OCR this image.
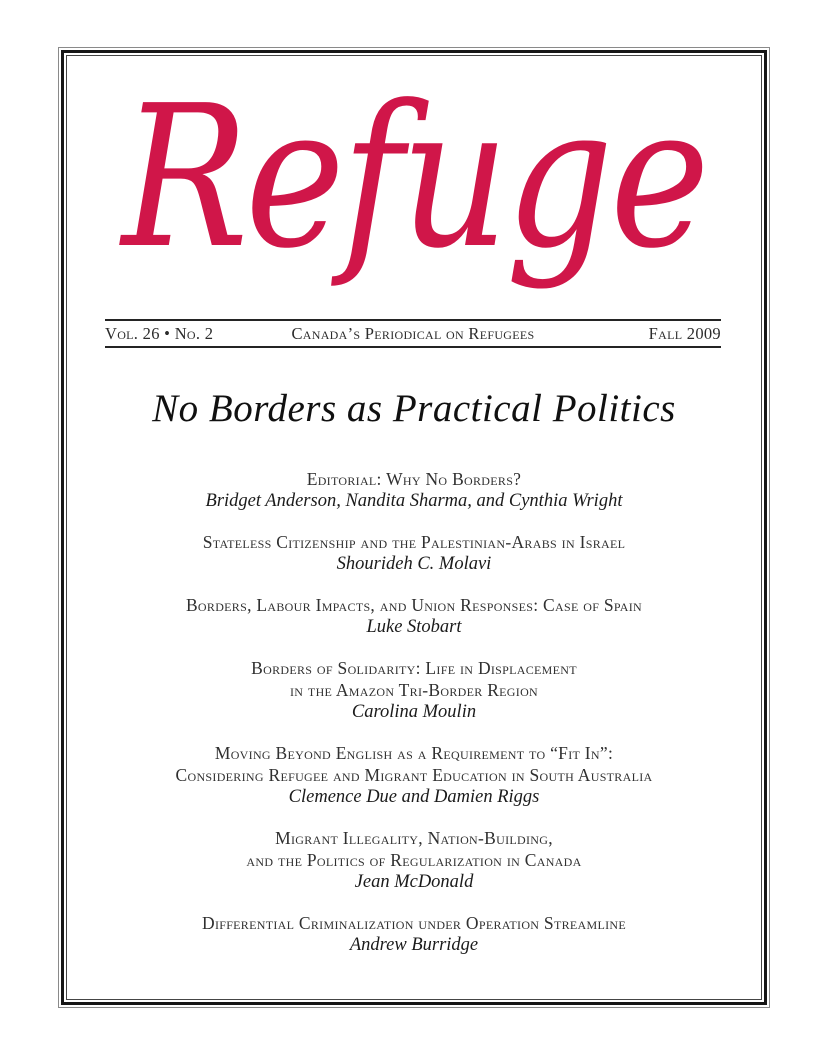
Refuge
Vol. 26 • No. 2	Canada’s Periodical on Refugees	Fall 2009
No Borders as Practical Politics
Editorial: Why No Borders?
Bridget Anderson, Nandita Sharma, and Cynthia Wright
Stateless Citizenship and the Palestinian-Arabs in Israel
Shourideh C. Molavi
Borders, Labour Impacts, and Union Responses: Case of Spain
Luke Stobart
Borders of Solidarity: Life in Displacement
in the Amazon Tri-Border Region
Carolina Moulin
Moving Beyond English as a Requirement to “Fit In”:
Considering Refugee and Migrant Education in South Australia
Clemence Due and Damien Riggs
Migrant Illegality, Nation-Building,
and the Politics of Regularization in Canada
Jean McDonald
Differential Criminalization under Operation Streamline
Andrew Burridge
